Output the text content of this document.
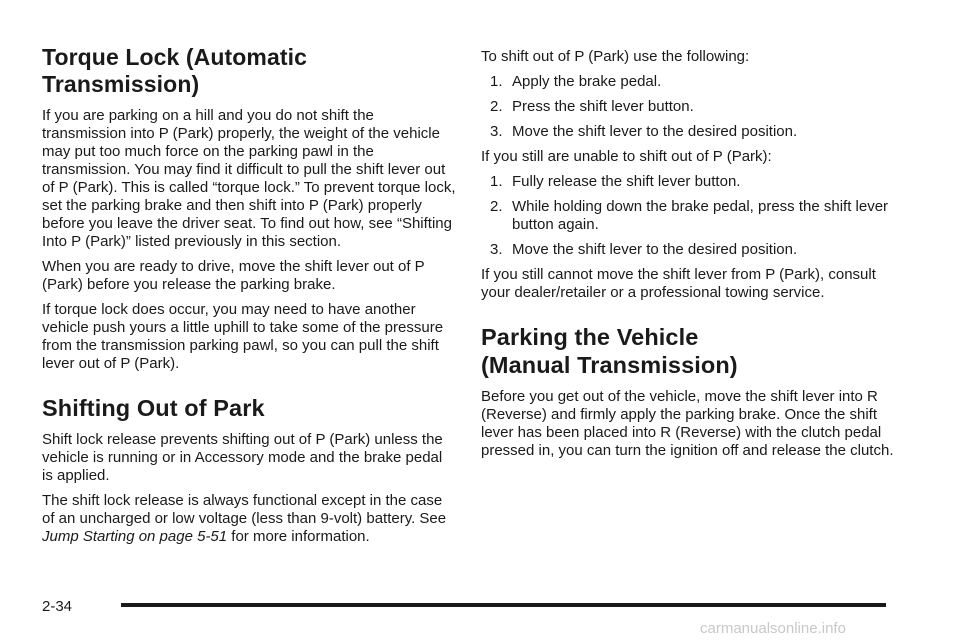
Torque Lock (Automatic Transmission)

If you are parking on a hill and you do not shift the transmission into P (Park) properly, the weight of the vehicle may put too much force on the parking pawl in the transmission. You may find it difficult to pull the shift lever out of P (Park). This is called “torque lock.” To prevent torque lock, set the parking brake and then shift into P (Park) properly before you leave the driver seat. To find out how, see “Shifting Into P (Park)” listed previously in this section.

When you are ready to drive, move the shift lever out of P (Park) before you release the parking brake.

If torque lock does occur, you may need to have another vehicle push yours a little uphill to take some of the pressure from the transmission parking pawl, so you can pull the shift lever out of P (Park).

Shifting Out of Park

Shift lock release prevents shifting out of P (Park) unless the vehicle is running or in Accessory mode and the brake pedal is applied.

The shift lock release is always functional except in the case of an uncharged or low voltage (less than 9-volt) battery. See Jump Starting on page 5-51 for more information.

To shift out of P (Park) use the following:

1. Apply the brake pedal.
2. Press the shift lever button.
3. Move the shift lever to the desired position.

If you still are unable to shift out of P (Park):

1. Fully release the shift lever button.
2. While holding down the brake pedal, press the shift lever button again.
3. Move the shift lever to the desired position.

If you still cannot move the shift lever from P (Park), consult your dealer/retailer or a professional towing service.

Parking the Vehicle
(Manual Transmission)

Before you get out of the vehicle, move the shift lever into R (Reverse) and firmly apply the parking brake. Once the shift lever has been placed into R (Reverse) with the clutch pedal pressed in, you can turn the ignition off and release the clutch.

2-34
carmanualsonline.info
